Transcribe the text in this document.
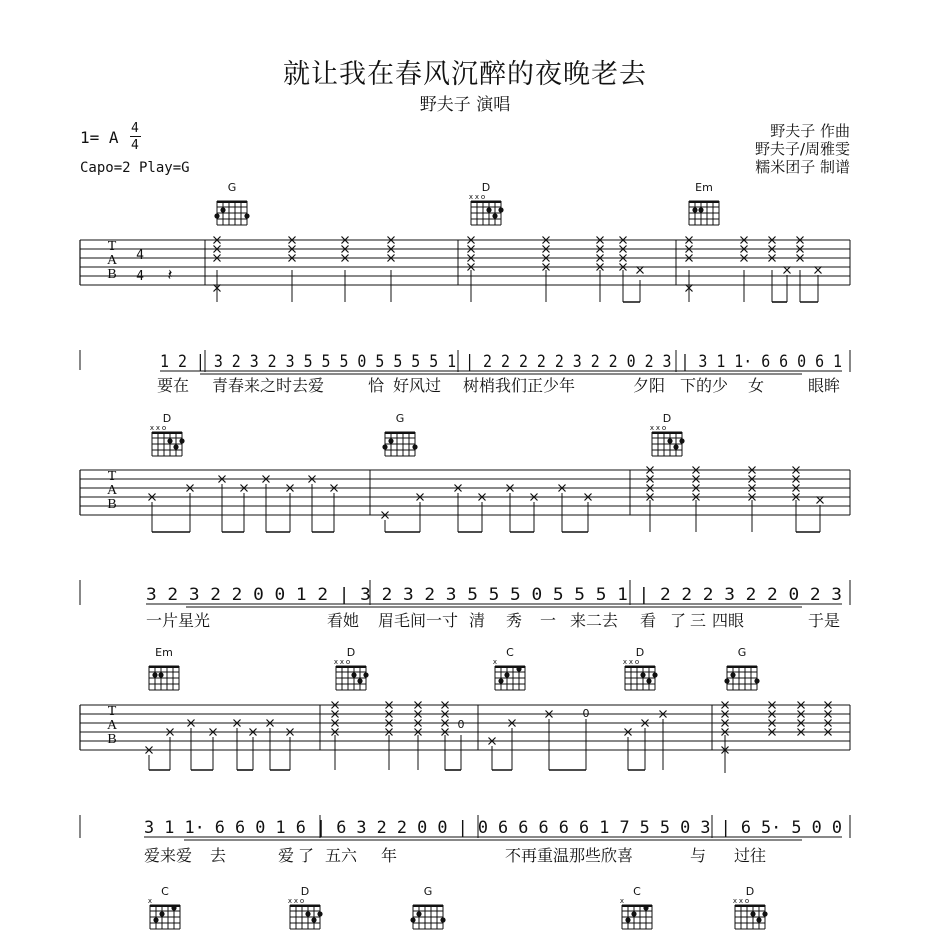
就让我在春风沉醉的夜晚老去
野夫子 演唱
1= A 4
4
Capo=2 Play=G
野夫子 作曲
野夫子/周雅雯
糯米团子 制谱
G	D
x x o
Em
T
A
B
4
4 𝄽
1 2 | 3 2 3 2 3 5 5 5 0 5 5 5 5 1 | 2 2 2 2 2 3 2 2 0 2 3 | 3 1 1· 6 6 0 6 1
要在 青春来之时去爱	恰 好风过 树梢我们正少年	夕阳 下的少 女	眼眸
D
x x o
G	D
x x o
T
A
B
3 2 3 2 2 0 0 1 2 | 3 2 3 2 3 5 5 5 0 5 5 5 1 | 2 2 2 3 2 2 0 2 3
一片星光	看她 眉毛间一寸 清 秀 一 来二去 看 了 三 四眼	于是
Em	D
x x o
C
x
D
x x o
G
T
A
B
0
0
3 1 1· 6 6 0 1 6 | 6 3 2 2 0 0 | 0 6 6 6 6 6 1 7 5 5 0 3 | 6 5· 5 0 0
爱来爱 去	爱 了 五六 年	不再重温那些欣喜	与 过往
C
x
D
x x o
G	C
x
D
x x o
